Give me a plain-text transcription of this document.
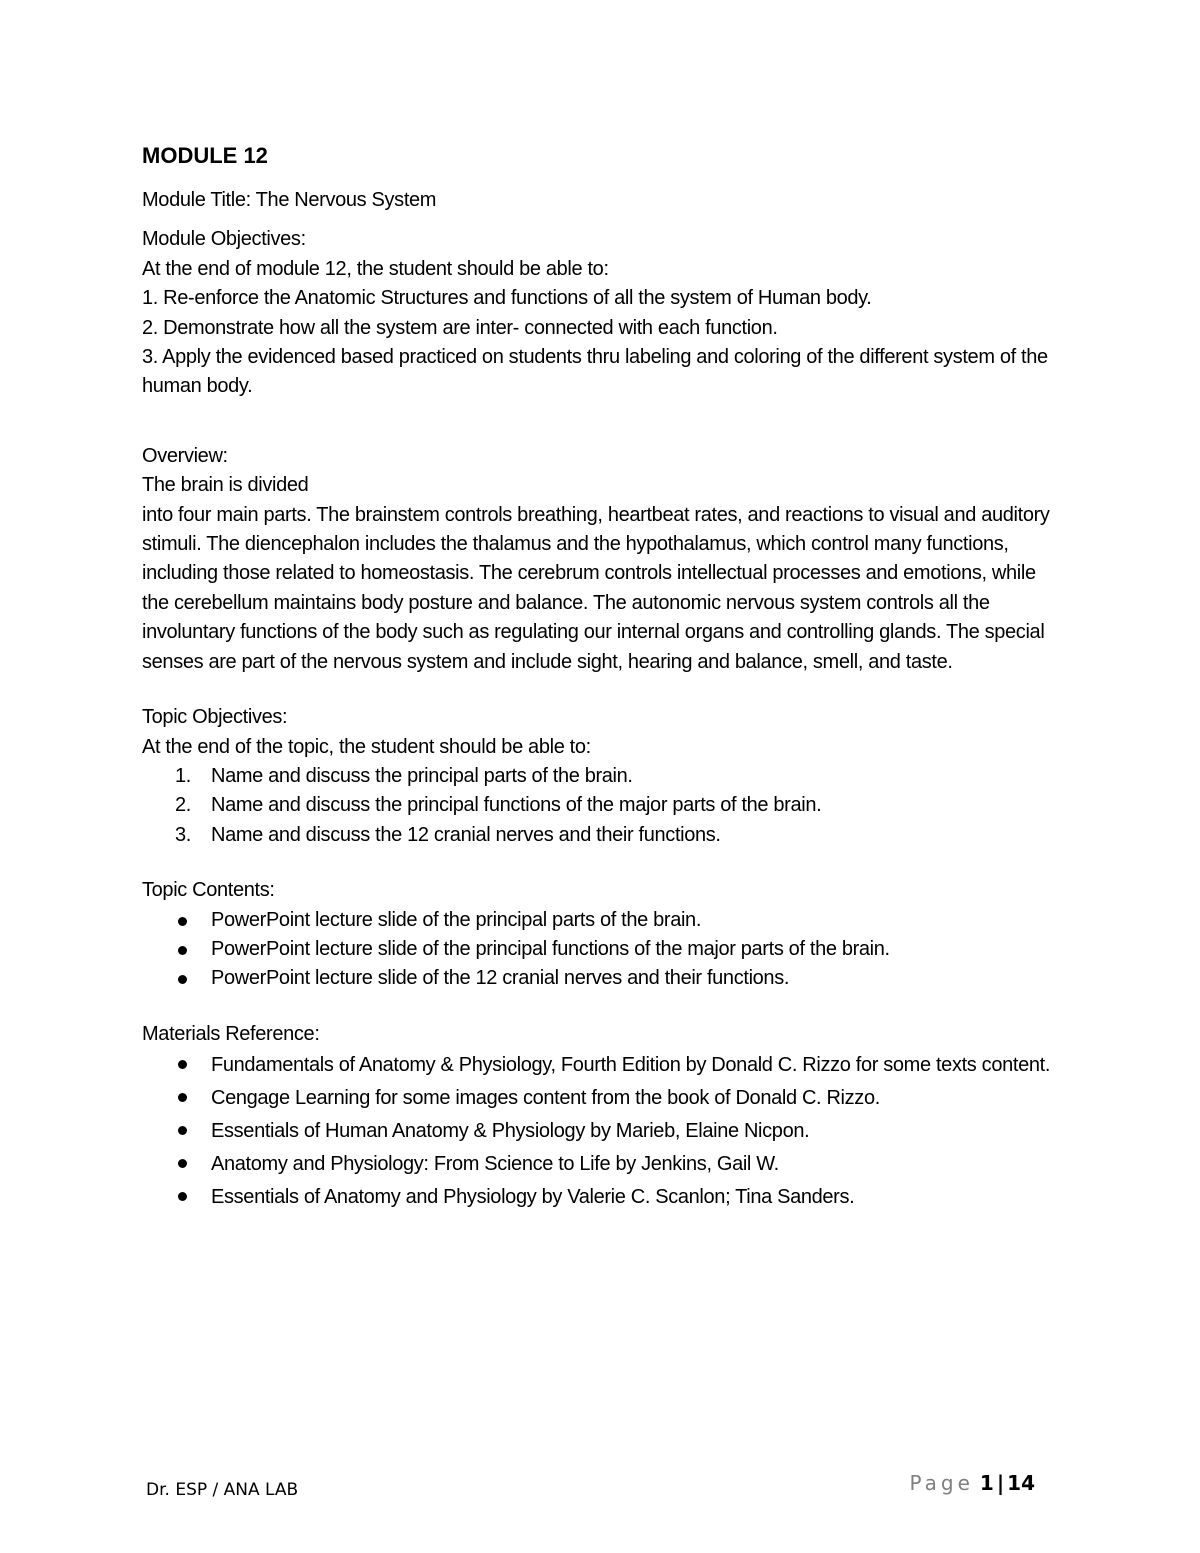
MODULE 12

Module Title: The Nervous System

Module Objectives:

At the end of module 12, the student should be able to:

1. Re-enforce the Anatomic Structures and functions of all the system of Human body.

2. Demonstrate how all the system are inter- connected with each function.

3. Apply the evidenced based practiced on students thru labeling and coloring of the different system of the

human body.

Overview:

The brain is divided

into four main parts. The brainstem controls breathing, heartbeat rates, and reactions to visual and auditory

stimuli. The diencephalon includes the thalamus and the hypothalamus, which control many functions,

including those related to homeostasis. The cerebrum controls intellectual processes and emotions, while

the cerebellum maintains body posture and balance. The autonomic nervous system controls all the

involuntary functions of the body such as regulating our internal organs and controlling glands. The special

senses are part of the nervous system and include sight, hearing and balance, smell, and taste.

Topic Objectives:

At the end of the topic, the student should be able to:

1. Name and discuss the principal parts of the brain.
2. Name and discuss the principal functions of the major parts of the brain.
3. Name and discuss the 12 cranial nerves and their functions.

Topic Contents:

PowerPoint lecture slide of the principal parts of the brain.
PowerPoint lecture slide of the principal functions of the major parts of the brain.
PowerPoint lecture slide of the 12 cranial nerves and their functions.

Materials Reference:

Fundamentals of Anatomy & Physiology, Fourth Edition by Donald C. Rizzo for some texts content.
Cengage Learning for some images content from the book of Donald C. Rizzo.
Essentials of Human Anatomy & Physiology by Marieb, Elaine Nicpon.
Anatomy and Physiology: From Science to Life by Jenkins, Gail W.
Essentials of Anatomy and Physiology by Valerie C. Scanlon; Tina Sanders.
Dr. ESP / ANA LAB	Page 1 | 14
